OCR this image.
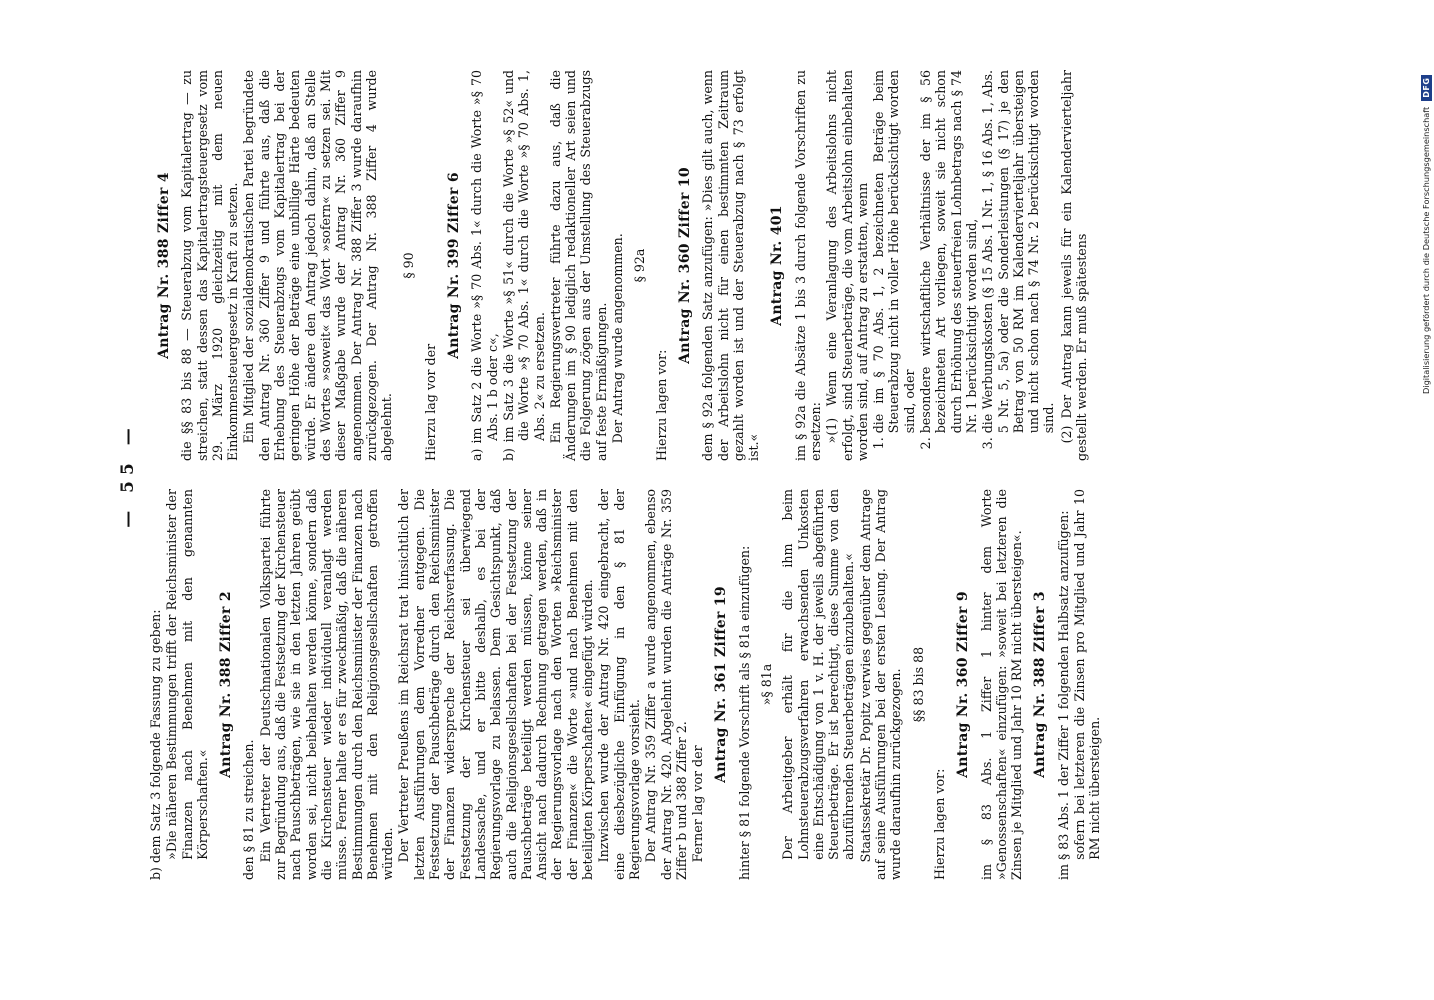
— 55 —

b) dem Satz 3 folgende Fassung zu geben: »Die näheren Bestimmungen trifft der Reichsminister der Finanzen nach Benehmen mit den genannten Körperschaften.«

Antrag Nr. 388 Ziffer 2

den § 81 zu streichen. Ein Vertreter der Deutschnationalen Volkspartei führte zur Begründung aus, daß die Festsetzung der Kirchensteuer nach Pauschbeträgen, wie sie in den letzten Jahren geübt worden sei, nicht beibehalten werden könne, sondern daß die Kirchensteuer wieder individuell veranlagt werden müsse. Ferner halte er es für zweckmäßig, daß die näheren Bestimmungen durch den Reichsminister der Finanzen nach Benehmen mit den Religionsgesellschaften getroffen würden. Der Vertreter Preußens im Reichsrat trat hinsichtlich der letzten Ausführungen dem Vorredner entgegen. Die Festsetzung der Pauschbeträge durch den Reichsminister der Finanzen widerspreche der Reichsverfassung. Die Festsetzung der Kirchensteuer sei überwiegend Landessache, und er bitte deshalb, es bei der Regierungsvorlage zu belassen. Dem Gesichtspunkt, daß auch die Religionsgesellschaften bei der Festsetzung der Pauschbeträge beteiligt werden müssen, könne seiner Ansicht nach dadurch Rechnung getragen werden, daß in der Regierungsvorlage nach den Worten »Reichsminister der Finanzen« die Worte »und nach Benehmen mit den beteiligten Körperschaften« eingefügt würden. Inzwischen wurde der Antrag Nr. 420 eingebracht, der eine diesbezügliche Einfügung in den § 81 der Regierungsvorlage vorsieht. Der Antrag Nr. 359 Ziffer a wurde angenommen, ebenso der Antrag Nr. 420. Abgelehnt wurden die Anträge Nr. 359 Ziffer b und 388 Ziffer 2. Ferner lag vor der

Antrag Nr. 361 Ziffer 19 hinter § 81 folgende Vorschrift als § 81a einzufügen: »§ 81a Der Arbeitgeber erhält für die ihm beim Lohnsteuerabzugsverfahren erwachsenden Unkosten eine Entschädigung von 1 v. H. der jeweils abgeführten Steuerbeträge. Er ist berechtigt, diese Summe von den abzuführenden Steuerbeträgen einzubehalten.« Staatssekretär Dr. Popitz verwies gegenüber dem Antrage auf seine Ausführungen bei der ersten Lesung. Der Antrag wurde daraufhin zurückgezogen. §§ 83 bis 88

Hierzu lagen vor:

Antrag Nr. 360 Ziffer 9 im § 83 Abs. 1 Ziffer 1 hinter dem Worte »Genossenschaften« einzufügen: »soweit bei letzteren die Zinsen je Mitglied und Jahr 10 RM nicht übersteigen«. Antrag Nr. 388 Ziffer 3 im § 83 Abs. 1 der Ziffer 1 folgenden Halbsatz anzufügen: sofern bei letzteren die Zinsen pro Mitglied und Jahr 10 RM nicht übersteigen.

Antrag Nr. 388 Ziffer 4 die §§ 83 bis 88 — Steuerabzug vom Kapitalertrag — zu streichen, statt dessen das Kapitalertragsteuergesetz vom 29. März 1920 gleichzeitig mit dem neuen Einkommensteuergesetz in Kraft zu setzen. Ein Mitglied der sozialdemokratischen Partei begründete den Antrag Nr. 360 Ziffer 9 und führte aus, daß die Erhebung des Steuerabzugs vom Kapitalertrag bei der geringen Höhe der Beträge eine unbillige Härte bedeuten würde. Er ändere den Antrag jedoch dahin, daß an Stelle des Wortes »soweit« das Wort »sofern« zu setzen sei. Mit dieser Maßgabe wurde der Antrag Nr. 360 Ziffer 9 angenommen. Der Antrag Nr. 388 Ziffer 3 wurde daraufhin zurückgezogen. Der Antrag Nr. 388 Ziffer 4 wurde abgelehnt.

§ 90

Hierzu lag vor der

Antrag Nr. 399 Ziffer 6 a) im Satz 2 die Worte »§ 70 Abs. 1« durch die Worte »§ 70 Abs. 1 b oder c«, b) im Satz 3 die Worte »§ 51« durch die Worte »§ 52« und die Worte »§ 70 Abs. 1« durch die Worte »§ 70 Abs. 1, Abs. 2« zu ersetzen. Ein Regierungsvertreter führte dazu aus, daß die Änderungen im § 90 lediglich redaktioneller Art seien und die Folgerung zögen aus der Umstellung des Steuerabzugs auf feste Ermäßigungen. Der Antrag wurde angenommen. § 92a

Hierzu lagen vor:

Antrag Nr. 360 Ziffer 10 dem § 92a folgenden Satz anzufügen: »Dies gilt auch, wenn der Arbeitslohn nicht für einen bestimmten Zeitraum gezahlt worden ist und der Steuerabzug nach § 73 erfolgt ist.«

Antrag Nr. 401 im § 92a die Absätze 1 bis 3 durch folgende Vorschriften zu ersetzen: »(1) Wenn eine Veranlagung des Arbeitslohns nicht erfolgt, sind Steuerbeträge, die vom Arbeitslohn einbehalten worden sind, auf Antrag zu erstatten, wenn 1. die im § 70 Abs. 1, 2 bezeichneten Beträge beim Steuerabzug nicht in voller Höhe berücksichtigt worden sind, oder 2. besondere wirtschaftliche Verhältnisse der im § 56 bezeichneten Art vorliegen, soweit sie nicht schon durch Erhöhung des steuerfreien Lohnbetrags nach § 74 Nr. 1 berücksichtigt worden sind, 3. die Werbungskosten (§ 15 Abs. 1 Nr. 1, § 16 Abs. 1, Abs. 5 Nr. 5, 5a) oder die Sonderleistungen (§ 17) je den Betrag von 50 RM im Kalendervierteljahr übersteigen und nicht schon nach § 74 Nr. 2 berücksichtigt worden sind. (2) Der Antrag kann jeweils für ein Kalendervierteljahr gestellt werden. Er muß spätestens	Digitalisierung gefördert durch die Deutsche Forschungsgemeinschaft
DFG
